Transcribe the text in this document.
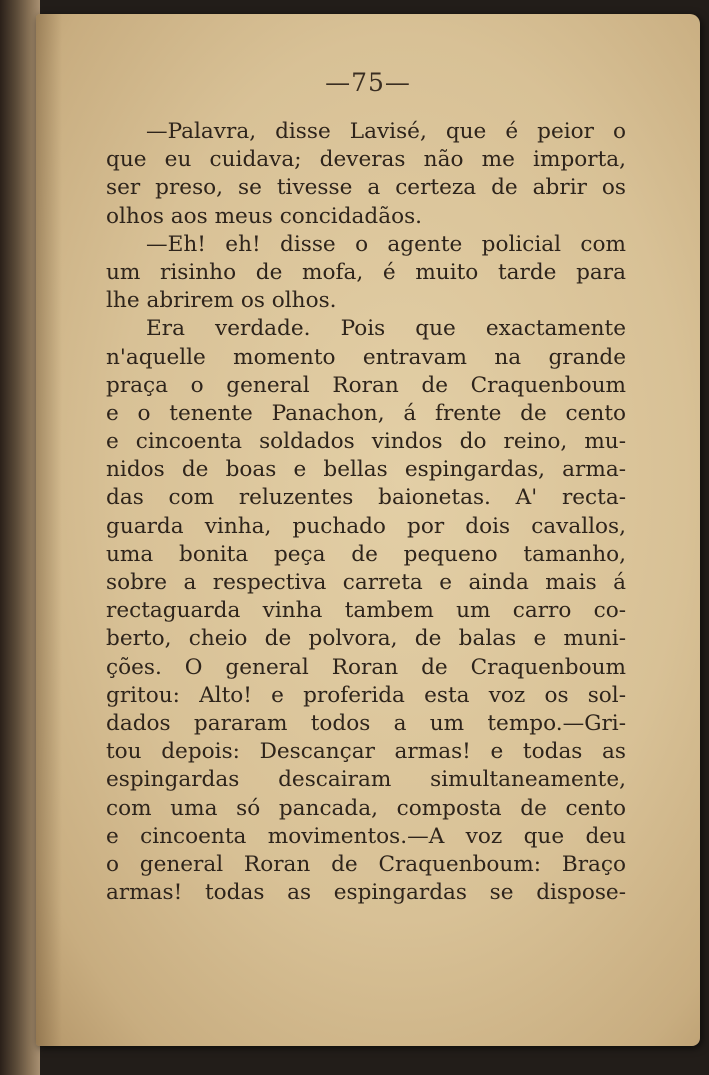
—75—
—Palavra, disse Lavisé, que é peior o
que eu cuidava; deveras não me importa,
ser preso, se tivesse a certeza de abrir os
olhos aos meus concidadãos.
—Eh! eh! disse o agente policial com
um risinho de mofa, é muito tarde para
lhe abrirem os olhos.
Era verdade. Pois que exactamente
n'aquelle momento entravam na grande
praça o general Roran de Craquenboum
e o tenente Panachon, á frente de cento
e cincoenta soldados vindos do reino, mu-
nidos de boas e bellas espingardas, arma-
das com reluzentes baionetas. A' recta-
guarda vinha, puchado por dois cavallos,
uma bonita peça de pequeno tamanho,
sobre a respectiva carreta e ainda mais á
rectaguarda vinha tambem um carro co-
berto, cheio de polvora, de balas e muni-
ções. O general Roran de Craquenboum
gritou: Alto! e proferida esta voz os sol-
dados pararam todos a um tempo.—Gri-
tou depois: Descançar armas! e todas as
espingardas descairam simultaneamente,
com uma só pancada, composta de cento
e cincoenta movimentos.—A voz que deu
o general Roran de Craquenboum: Braço
armas! todas as espingardas se dispose-
